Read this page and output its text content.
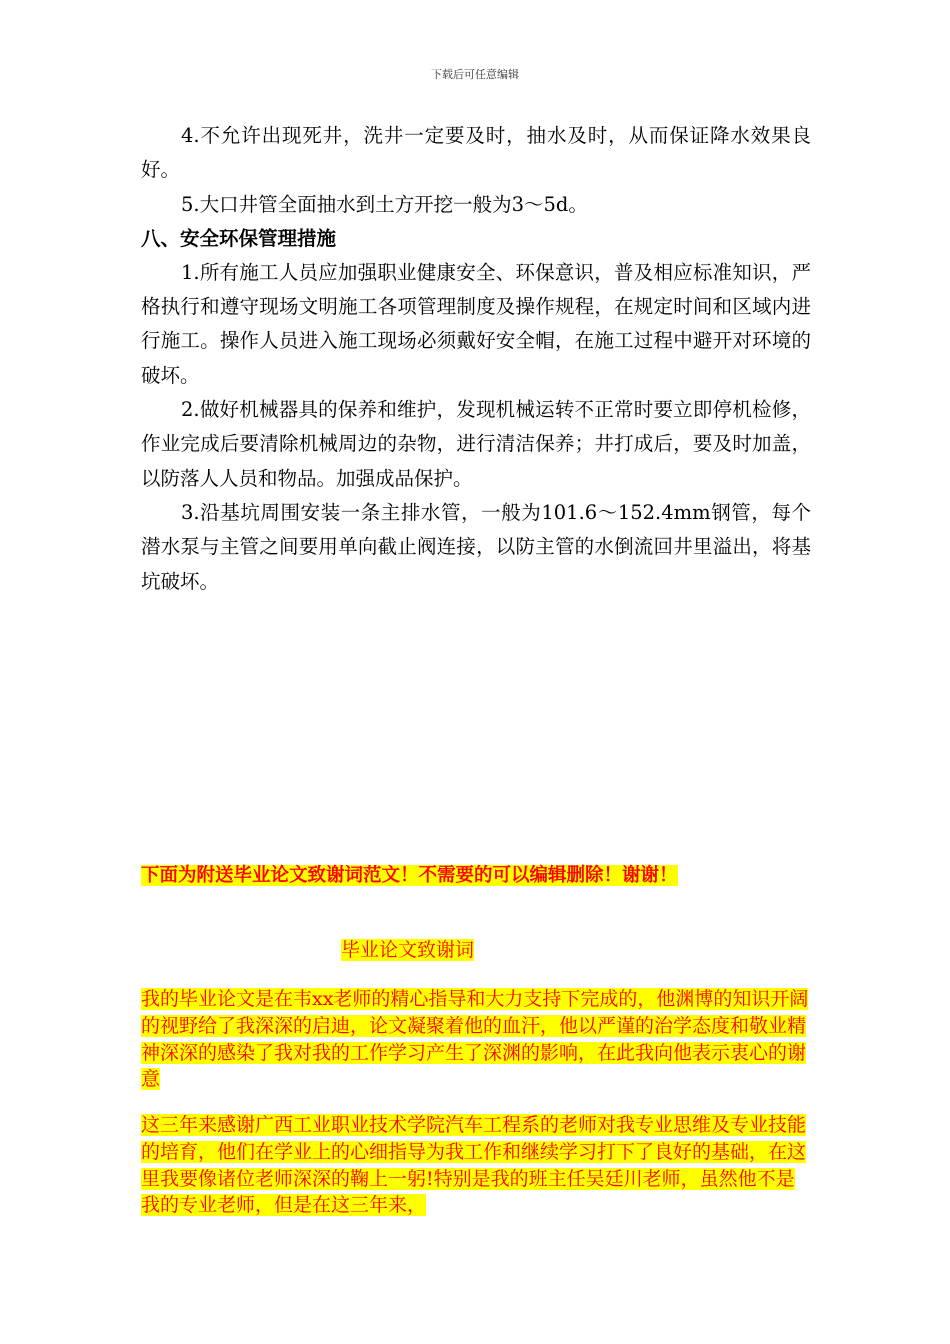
下载后可任意编辑
4.不允许出现死井，洗井一定要及时，抽水及时，从而保证降水效果良好。
5.大口井管全面抽水到土方开挖一般为3～5d。
八、安全环保管理措施
1.所有施工人员应加强职业健康安全、环保意识，普及相应标准知识，严格执行和遵守现场文明施工各项管理制度及操作规程，在规定时间和区域内进行施工。操作人员进入施工现场必须戴好安全帽，在施工过程中避开对环境的破坏。
2.做好机械器具的保养和维护，发现机械运转不正常时要立即停机检修，作业完成后要清除机械周边的杂物，进行清洁保养；井打成后，要及时加盖，以防落人人员和物品。加强成品保护。
3.沿基坑周围安装一条主排水管，一般为101.6～152.4mm钢管，每个潜水泵与主管之间要用单向截止阀连接，以防主管的水倒流回井里溢出，将基坑破坏。
下面为附送毕业论文致谢词范文！不需要的可以编辑删除！谢谢！
毕业论文致谢词
我的毕业论文是在韦xx老师的精心指导和大力支持下完成的，他渊博的知识开阔的视野给了我深深的启迪，论文凝聚着他的血汗，他以严谨的治学态度和敬业精神深深的感染了我对我的工作学习产生了深渊的影响，在此我向他表示衷心的谢意
这三年来感谢广西工业职业技术学院汽车工程系的老师对我专业思维及专业技能的培育，他们在学业上的心细指导为我工作和继续学习打下了良好的基础，在这里我要像诸位老师深深的鞠上一躬!特别是我的班主任吴廷川老师，虽然他不是我的专业老师，但是在这三年来，
